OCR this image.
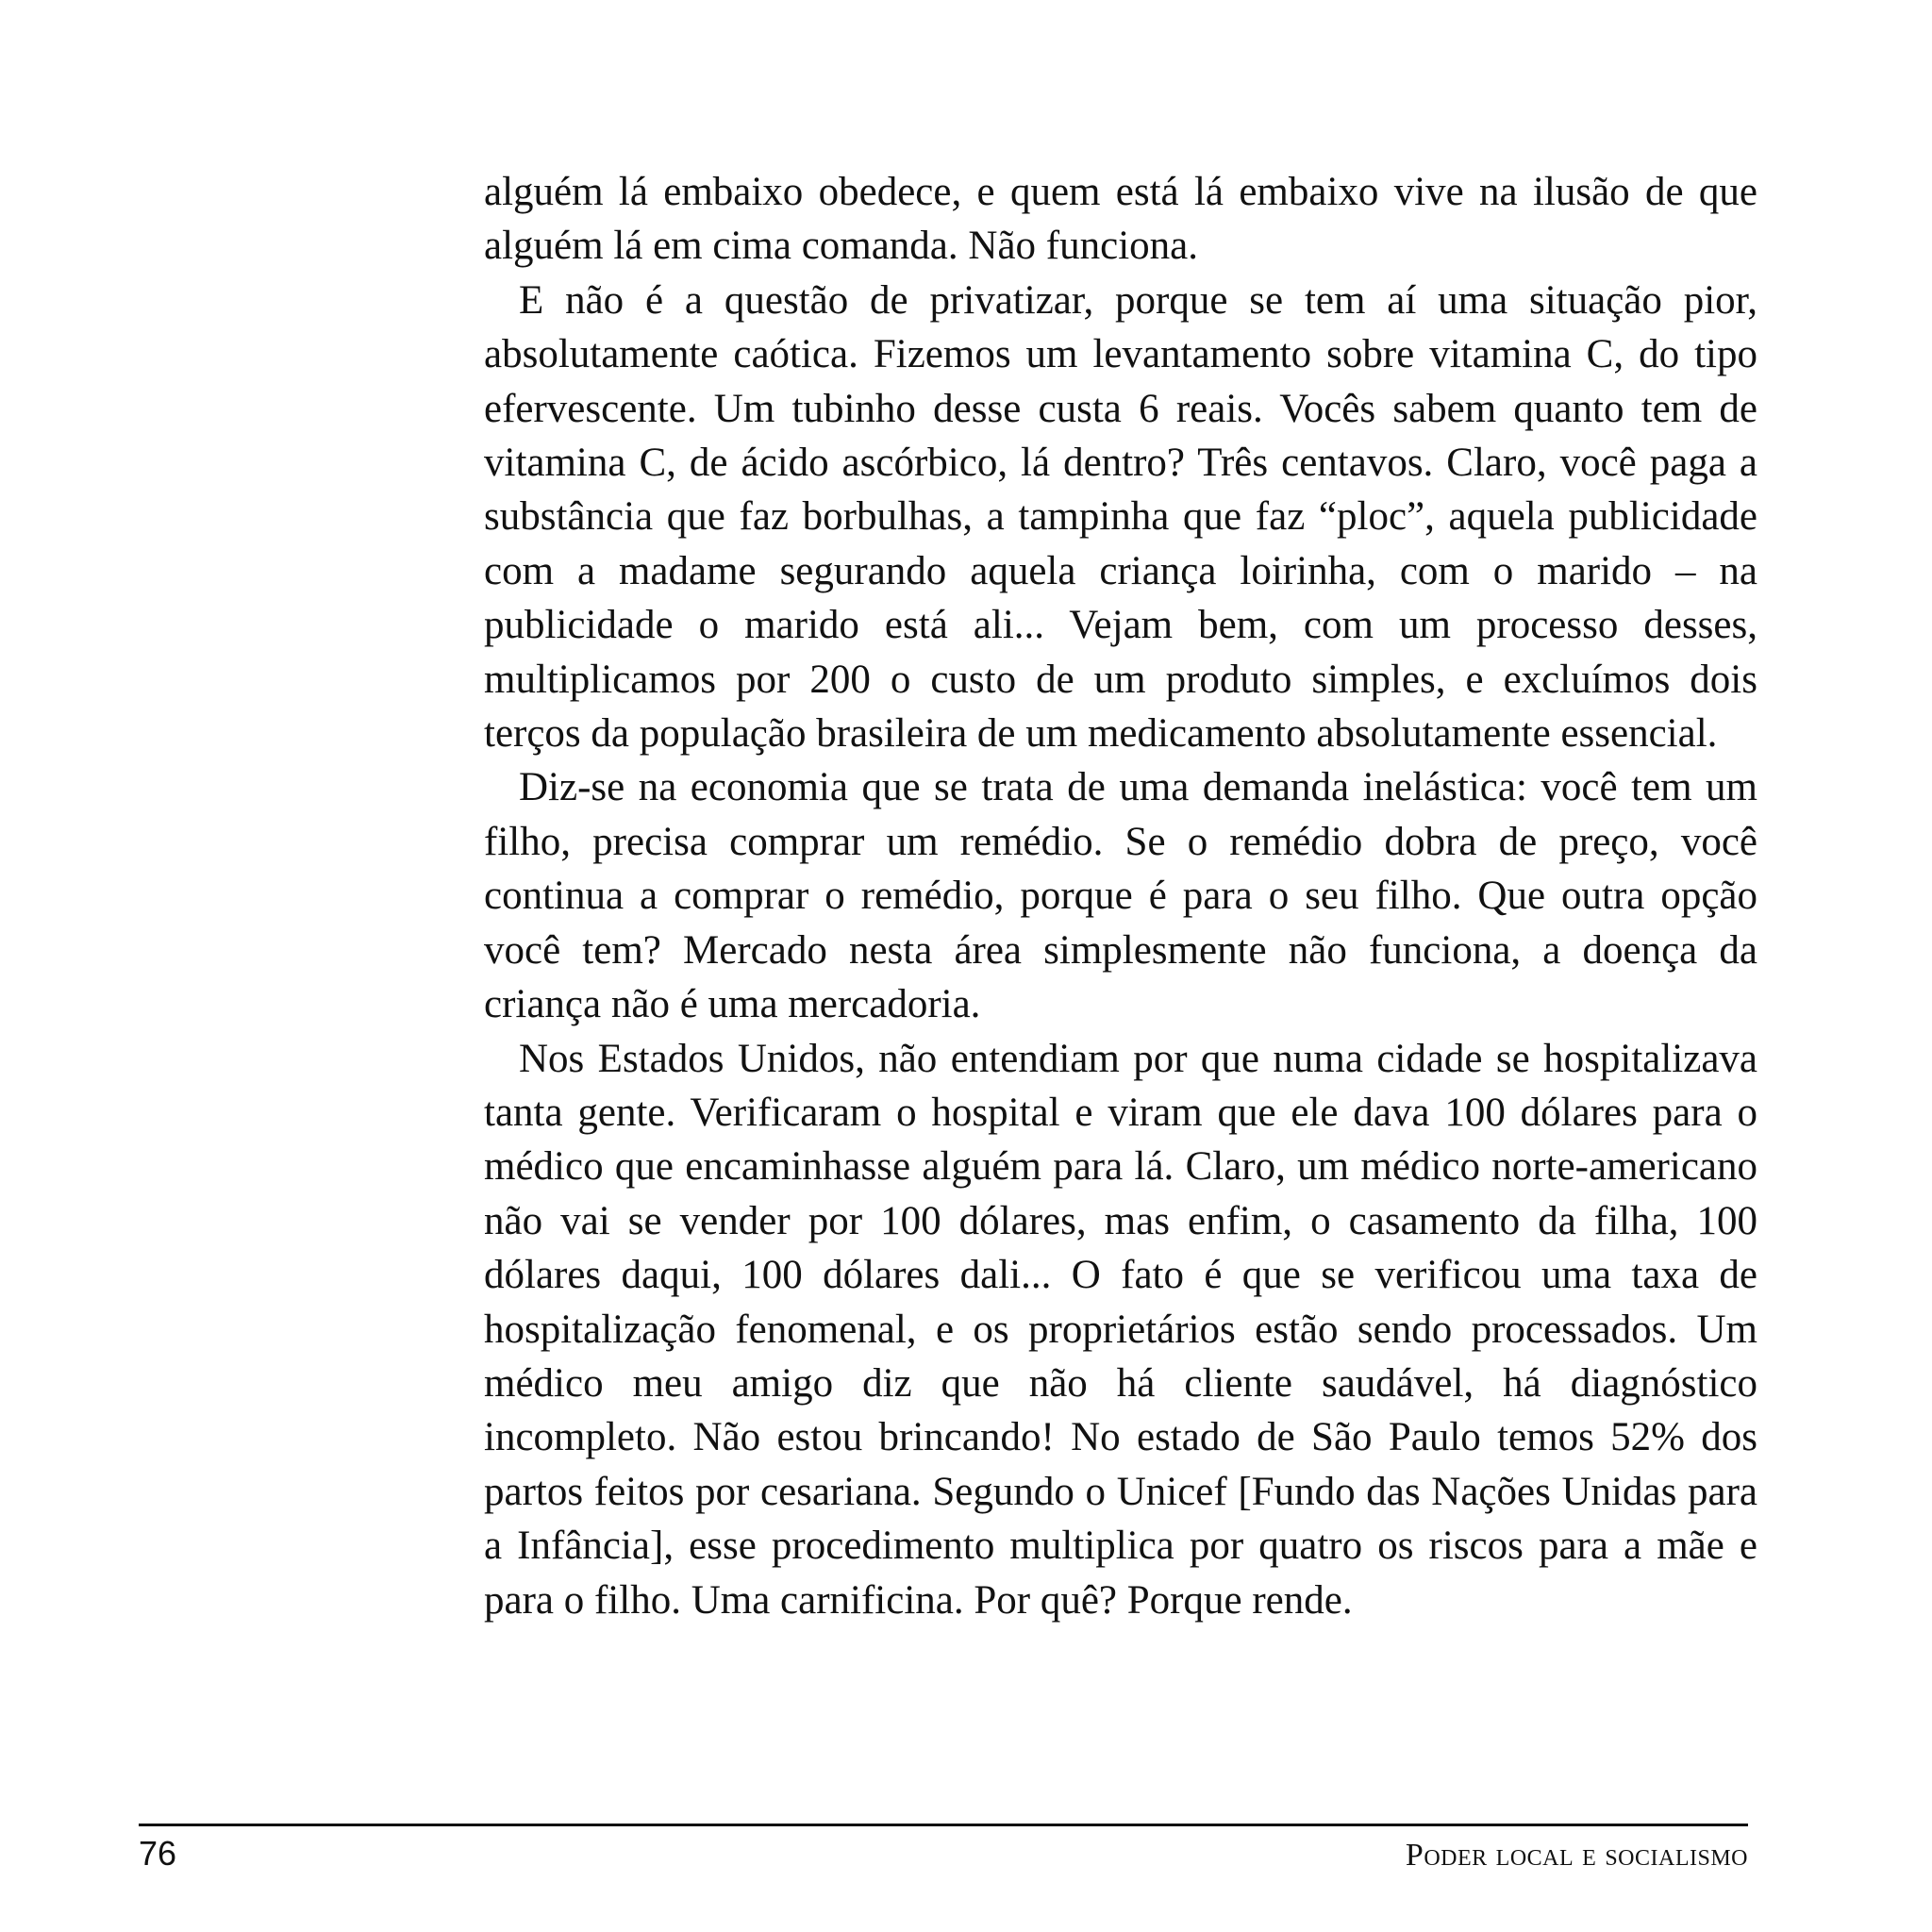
alguém lá embaixo obedece, e quem está lá embaixo vive na ilusão de que alguém lá em cima comanda. Não funciona.

E não é a questão de privatizar, porque se tem aí uma situação pior, absolutamente caótica. Fizemos um levantamento sobre vitamina C, do tipo efervescente. Um tubinho desse custa 6 reais. Vocês sabem quanto tem de vitamina C, de ácido ascórbico, lá dentro? Três centavos. Claro, você paga a substância que faz borbulhas, a tampinha que faz “ploc”, aquela publicidade com a madame segurando aquela criança loirinha, com o marido – na publicidade o marido está ali... Vejam bem, com um processo desses, multiplicamos por 200 o custo de um produto simples, e excluímos dois terços da população brasileira de um medicamento absolutamente essencial.

Diz-se na economia que se trata de uma demanda inelástica: você tem um filho, precisa comprar um remédio. Se o remédio dobra de preço, você continua a comprar o remédio, porque é para o seu filho. Que outra opção você tem? Mercado nesta área simplesmente não funciona, a doença da criança não é uma mercadoria.

Nos Estados Unidos, não entendiam por que numa cidade se hospitalizava tanta gente. Verificaram o hospital e viram que ele dava 100 dólares para o médico que encaminhasse alguém para lá. Claro, um médico norte-americano não vai se vender por 100 dólares, mas enfim, o casamento da filha, 100 dólares daqui, 100 dólares dali... O fato é que se verificou uma taxa de hospitalização fenomenal, e os proprietários estão sendo processados. Um médico meu amigo diz que não há cliente saudável, há diagnóstico incompleto. Não estou brincando! No estado de São Paulo temos 52% dos partos feitos por cesariana. Segundo o Unicef [Fundo das Nações Unidas para a Infância], esse procedimento multiplica por quatro os riscos para a mãe e para o filho. Uma carnificina. Por quê? Porque rende.

76	Poder local e socialismo
